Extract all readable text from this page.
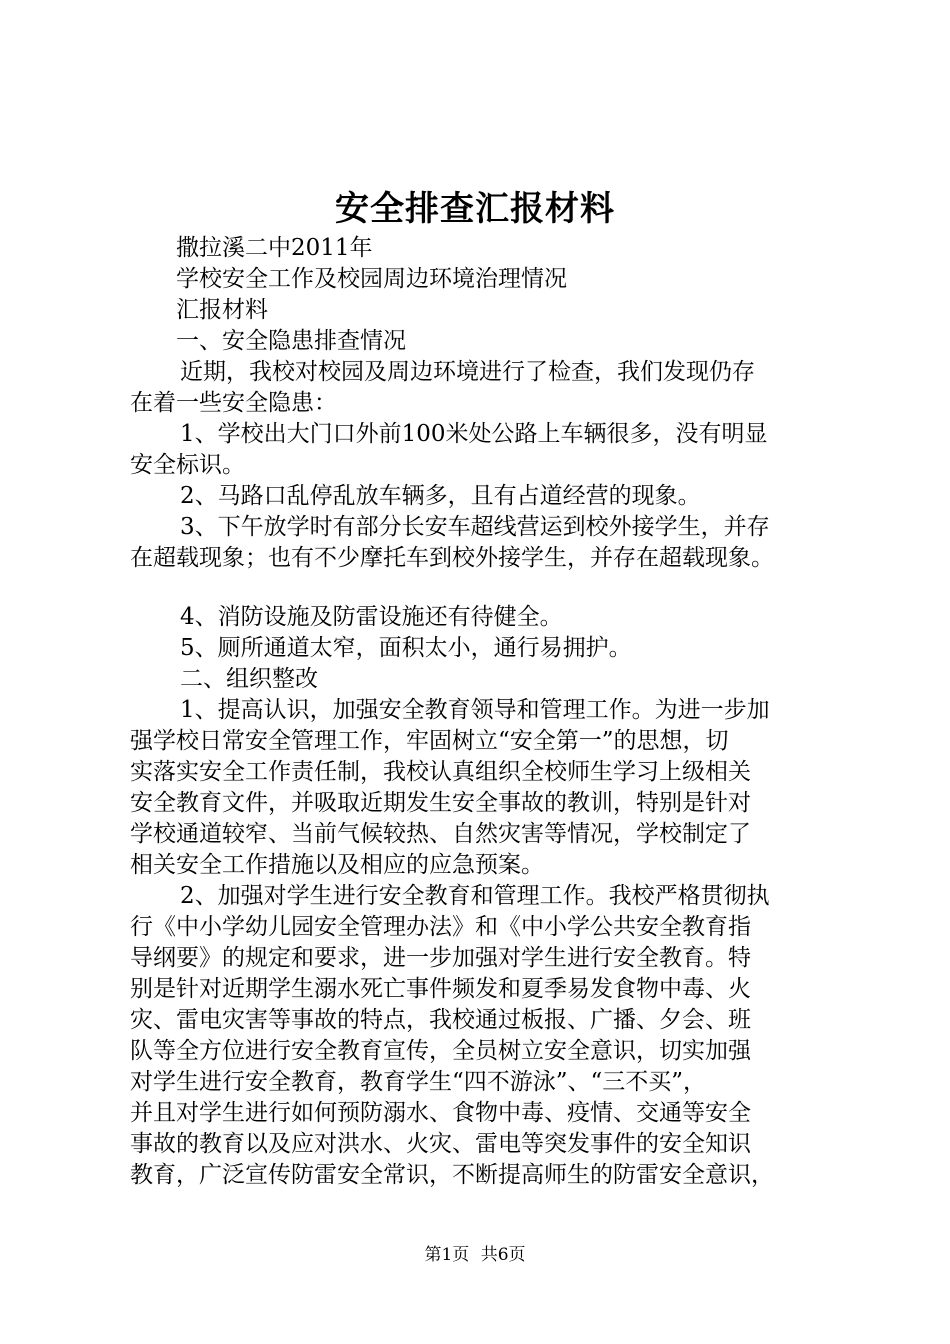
安全排查汇报材料
撒拉溪二中2011年
学校安全工作及校园周边环境治理情况
汇报材料
一、安全隐患排查情况
近期，我校对校园及周边环境进行了检查，我们发现仍存
在着一些安全隐患：
1、学校出大门口外前100米处公路上车辆很多，没有明显
安全标识。
2、马路口乱停乱放车辆多，且有占道经营的现象。
3、下午放学时有部分长安车超线营运到校外接学生，并存
在超载现象；也有不少摩托车到校外接学生，并存在超载现象。
4、消防设施及防雷设施还有待健全。
5、厕所通道太窄，面积太小，通行易拥护。
二、组织整改
1、提高认识，加强安全教育领导和管理工作。为进一步加
强学校日常安全管理工作，牢固树立“安全第一”的思想，切
实落实安全工作责任制，我校认真组织全校师生学习上级相关
安全教育文件，并吸取近期发生安全事故的教训，特别是针对
学校通道较窄、当前气候较热、自然灾害等情况，学校制定了
相关安全工作措施以及相应的应急预案。
2、加强对学生进行安全教育和管理工作。我校严格贯彻执
行《中小学幼儿园安全管理办法》和《中小学公共安全教育指
导纲要》的规定和要求，进一步加强对学生进行安全教育。特
别是针对近期学生溺水死亡事件频发和夏季易发食物中毒、火
灾、雷电灾害等事故的特点，我校通过板报、广播、夕会、班
队等全方位进行安全教育宣传，全员树立安全意识，切实加强
对学生进行安全教育，教育学生“四不游泳”、“三不买”，
并且对学生进行如何预防溺水、食物中毒、疫情、交通等安全
事故的教育以及应对洪水、火灾、雷电等突发事件的安全知识
教育，广泛宣传防雷安全常识，不断提高师生的防雷安全意识，
第1页 共6页
